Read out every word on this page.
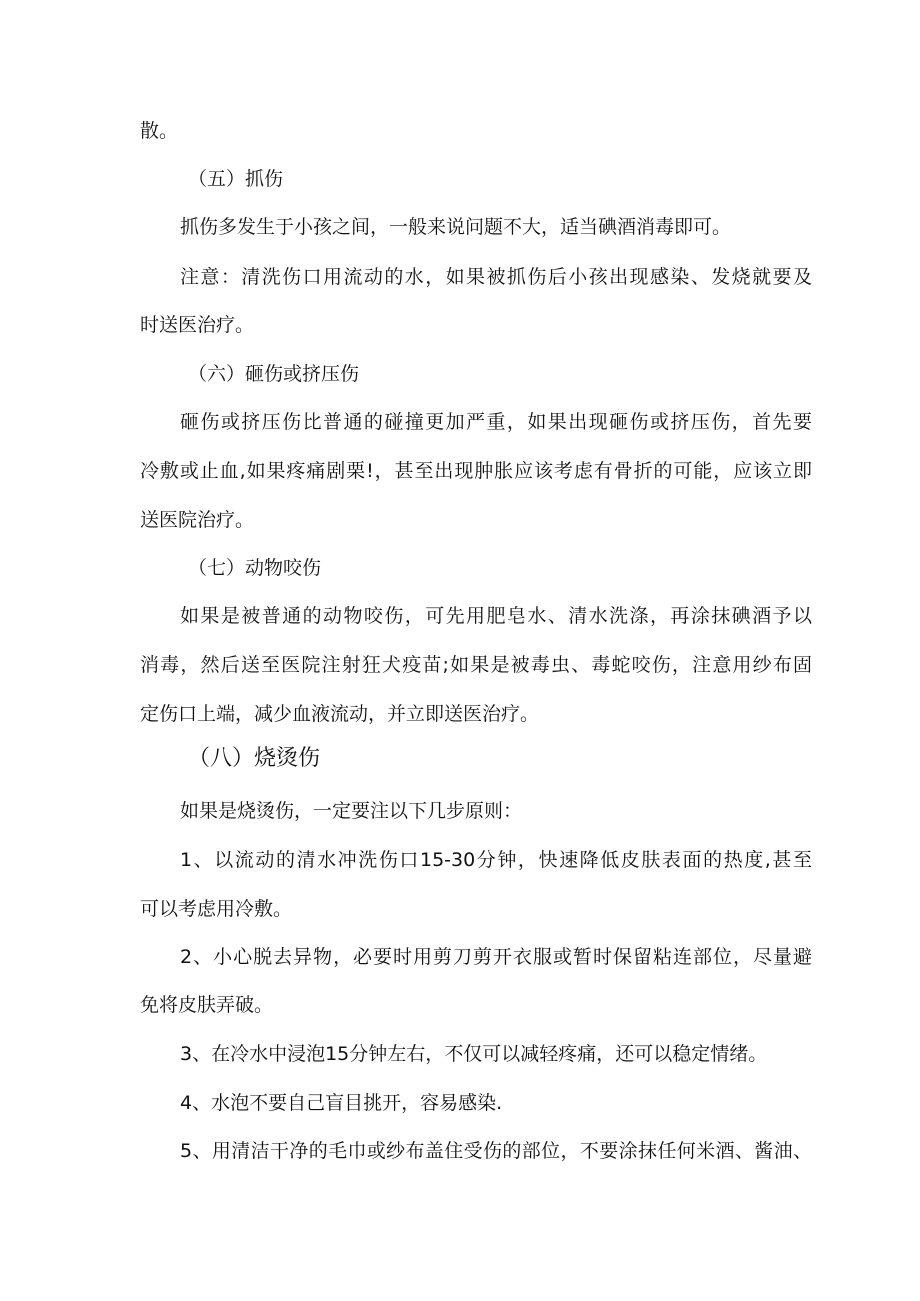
散。
（五）抓伤
抓伤多发生于小孩之间，一般来说问题不大，适当碘酒消毒即可。
注意：清洗伤口用流动的水，如果被抓伤后小孩出现感染、发烧就要及
时送医治疗。
（六）砸伤或挤压伤
砸伤或挤压伤比普通的碰撞更加严重，如果出现砸伤或挤压伤，首先要
冷敷或止血,如果疼痛剧栗!，甚至出现肿胀应该考虑有骨折的可能，应该立即
送医院治疗。
（七）动物咬伤
如果是被普通的动物咬伤，可先用肥皂水、清水洗涤，再涂抹碘酒予以
消毒，然后送至医院注射狂犬疫苗;如果是被毒虫、毒蛇咬伤，注意用纱布固
定伤口上端，减少血液流动，并立即送医治疗。
（八）烧烫伤
如果是烧烫伤，一定要注以下几步原则：
1、以流动的清水冲洗伤口15-30分钟，快速降低皮肤表面的热度,甚至
可以考虑用冷敷。
2、小心脱去异物，必要时用剪刀剪开衣服或暂时保留粘连部位，尽量避
免将皮肤弄破。
3、在冷水中浸泡15分钟左右，不仅可以减轻疼痛，还可以稳定情绪。
4、水泡不要自己盲目挑开，容易感染.
5、用清洁干净的毛巾或纱布盖住受伤的部位，不要涂抹任何米酒、酱油、
